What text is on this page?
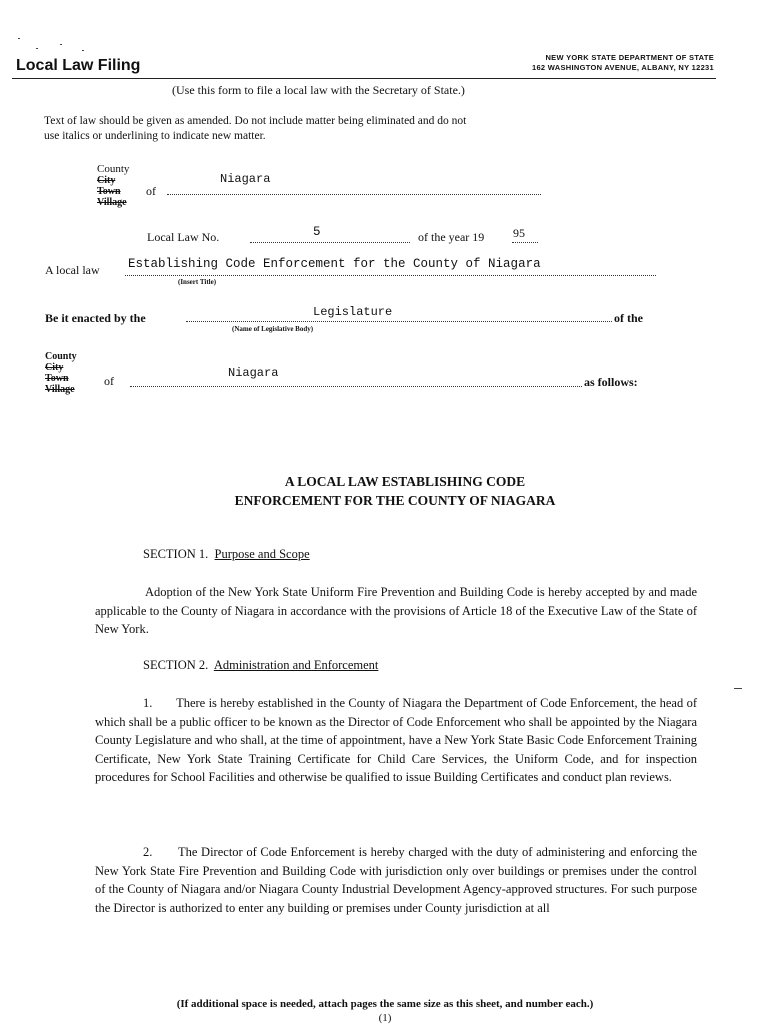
Local Law Filing	NEW YORK STATE DEPARTMENT OF STATE
162 WASHINGTON AVENUE, ALBANY, NY 12231
(Use this form to file a local law with the Secretary of State.)
Text of law should be given as amended. Do not include matter being eliminated and do not
use italics or underlining to indicate new matter.
County
City
Town
Village
of
Niagara
Local Law No.	5	of the year 19 95
A local law Establishing Code Enforcement for the County of Niagara
(Insert Title)
Be it enacted by the	Legislature	of the
(Name of Legislative Body)
County
City
Town
Village
of
Niagara
as follows:
A LOCAL LAW ESTABLISHING CODE
ENFORCEMENT FOR THE COUNTY OF NIAGARA
SECTION 1. Purpose and Scope
Adoption of the New York State Uniform Fire Prevention and Building Code is hereby accepted by and made applicable to the County of Niagara in accordance with the provisions of Article 18 of the Executive Law of the State of New York.
SECTION 2. Administration and Enforcement
1. There is hereby established in the County of Niagara the Department of Code Enforcement, the head of which shall be a public officer to be known as the Director of Code Enforcement who shall be appointed by the Niagara County Legislature and who shall, at the time of appointment, have a New York State Basic Code Enforcement Training Certificate, New York State Training Certificate for Child Care Services, the Uniform Code, and for inspection procedures for School Facilities and otherwise be qualified to issue Building Certificates and conduct plan reviews.
2. The Director of Code Enforcement is hereby charged with the duty of administering and enforcing the New York State Fire Prevention and Building Code with jurisdiction only over buildings or premises under the control of the County of Niagara and/or Niagara County Industrial Development Agency-approved structures. For such purpose the Director is authorized to enter any building or premises under County jurisdiction at all
(If additional space is needed, attach pages the same size as this sheet, and number each.)
(1)
